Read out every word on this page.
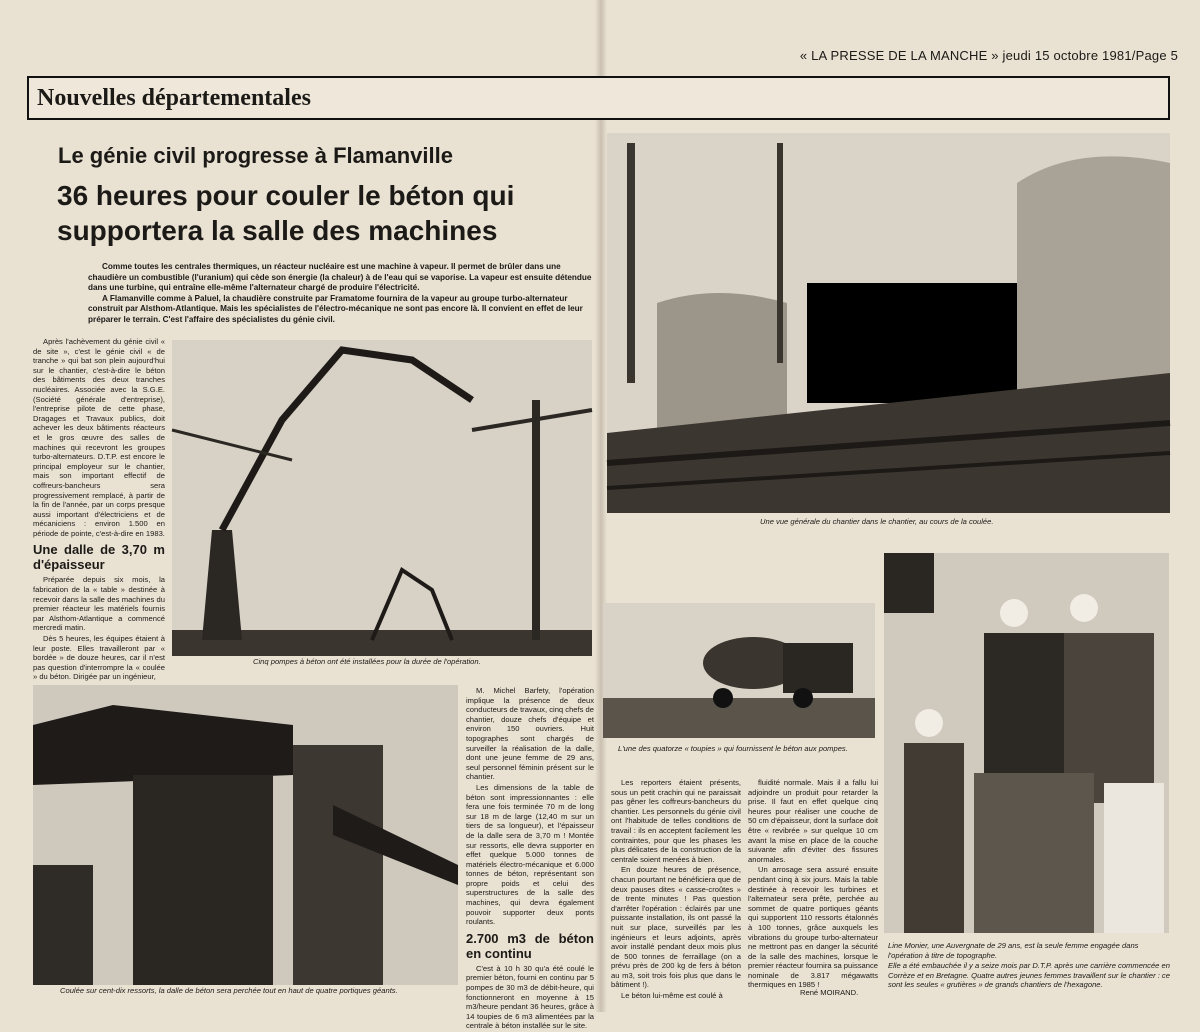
« LA PRESSE DE LA MANCHE » jeudi 15 octobre 1981/Page 5
Nouvelles départementales
Le génie civil progresse à Flamanville
36 heures pour couler le béton qui supportera la salle des machines

Comme toutes les centrales thermiques, un réacteur nucléaire est une machine à vapeur. Il permet de brûler dans une chaudière un combustible (l'uranium) qui cède son énergie (la chaleur) à de l'eau qui se vaporise. La vapeur est ensuite détendue dans une turbine, qui entraîne elle-même l'alternateur chargé de produire l'électricité.

A Flamanville comme à Paluel, la chaudière construite par Framatome fournira de la vapeur au groupe turbo-alternateur construit par Alsthom-Atlantique. Mais les spécialistes de l'électro-mécanique ne sont pas encore là. Il convient en effet de leur préparer le terrain. C'est l'affaire des spécialistes du génie civil.

Après l'achèvement du génie civil « de site », c'est le génie civil « de tranche » qui bat son plein aujourd'hui sur le chantier, c'est-à-dire le béton des bâtiments des deux tranches nucléaires. Associée avec la S.G.E. (Société générale d'entreprise), l'entreprise pilote de cette phase, Dragages et Travaux publics, doit achever les deux bâtiments réacteurs et le gros œuvre des salles de machines qui recevront les groupes turbo-alternateurs. D.T.P. est encore le principal employeur sur le chantier, mais son important effectif de coffreurs-bancheurs sera progressivement remplacé, à partir de la fin de l'année, par un corps presque aussi important d'électriciens et de mécaniciens : environ 1.500 en période de pointe, c'est-à-dire en 1983.

Une dalle de 3,70 m d'épaisseur

Préparée depuis six mois, la fabrication de la « table » destinée à recevoir dans la salle des machines du premier réacteur les matériels fournis par Alsthom-Atlantique a commencé mercredi matin.

Dès 5 heures, les équipes étaient à leur poste. Elles travailleront par « bordée » de douze heures, car il n'est pas question d'interrompre la « coulée » du béton. Dirigée par un ingénieur,

Cinq pompes à béton ont été installées pour la durée de l'opération.
Coulée sur cent-dix ressorts, la dalle de béton sera perchée tout en haut de quatre portiques géants.

M. Michel Barfety, l'opération implique la présence de deux conducteurs de travaux, cinq chefs de chantier, douze chefs d'équipe et environ 150 ouvriers. Huit topographes sont chargés de surveiller la réalisation de la dalle, dont une jeune femme de 29 ans, seul personnel féminin présent sur le chantier.

Les dimensions de la table de béton sont impressionnantes : elle fera une fois terminée 70 m de long sur 18 m de large (12,40 m sur un tiers de sa longueur), et l'épaisseur de la dalle sera de 3,70 m ! Montée sur ressorts, elle devra supporter en effet quelque 5.000 tonnes de matériels électro-mécanique et 6.000 tonnes de béton, représentant son propre poids et celui des superstructures de la salle des machines, qui devra également pouvoir supporter deux ponts roulants.

2.700 m3 de béton en continu

C'est à 10 h 30 qu'a été coulé le premier béton, fourni en continu par 5 pompes de 30 m3 de débit-heure, qui fonctionneront en moyenne à 15 m3/heure pendant 36 heures, grâce à 14 toupies de 6 m3 alimentées par la centrale à béton installée sur le site.

Une vue générale du chantier dans le chantier, au cours de la coulée.
L'une des quatorze « toupies » qui fournissent le béton aux pompes.

Line Monier, une Auvergnate de 29 ans, est la seule femme engagée dans l'opération à titre de topographe.

Elle a été embauchée il y a seize mois par D.T.P. après une carrière commencée en Corrèze et en Bretagne. Quatre autres jeunes femmes travaillent sur le chantier : ce sont les seules « grutières » de grands chantiers de l'hexagone.

Les reporters étaient présents, sous un petit crachin qui ne paraissait pas gêner les coffreurs-bancheurs du chantier. Les personnels du génie civil ont l'habitude de telles conditions de travail : ils en acceptent facilement les contraintes, pour que les phases les plus délicates de la construction de la centrale soient menées à bien.

En douze heures de présence, chacun pourtant ne bénéficiera que de deux pauses dites « casse-croûtes » de trente minutes ! Pas question d'arrêter l'opération : éclairés par une puissante installation, ils ont passé la nuit sur place, surveillés par les ingénieurs et leurs adjoints, après avoir installé pendant deux mois plus de 500 tonnes de ferraillage (on a prévu près de 200 kg de fers à béton au m3, soit trois fois plus que dans le bâtiment !).

Le béton lui-même est coulé à

fluidité normale. Mais il a fallu lui adjoindre un produit pour retarder la prise. Il faut en effet quelque cinq heures pour réaliser une couche de 50 cm d'épaisseur, dont la surface doit être « revibrée » sur quelque 10 cm avant la mise en place de la couche suivante afin d'éviter des fissures anormales.

Un arrosage sera assuré ensuite pendant cinq à six jours. Mais la table destinée à recevoir les turbines et l'alternateur sera prête, perchée au sommet de quatre portiques géants qui supportent 110 ressorts étalonnés à 100 tonnes, grâce auxquels les vibrations du groupe turbo-alternateur ne mettront pas en danger la sécurité de la salle des machines, lorsque le premier réacteur fournira sa puissance nominale de 3.817 mégawatts thermiques en 1985 !

René MOIRAND.
